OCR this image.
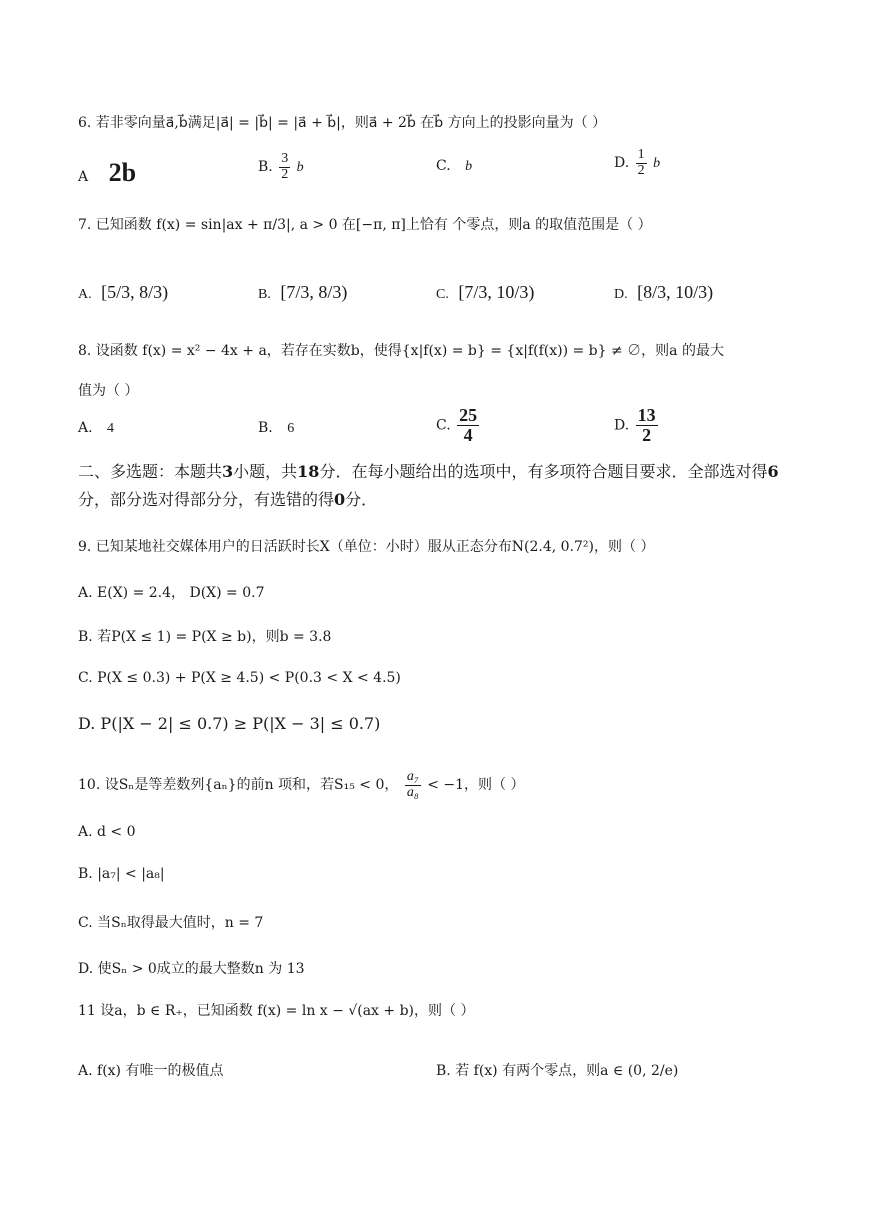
6. 若非零向量a⃗,b⃗满足|a⃗| = |b⃗| = |a⃗ + b⃗|，则a⃗ + 2b⃗ 在b⃗ 方向上的投影向量为（ ）
A 2b⃗	B. $\frac{3}{2}$ b⃗	C. b⃗	D. $\frac{1}{2}$ b⃗
7. 已知函数 f(x) = sin|ax + π/3|, a > 0 在[−π, π]上恰有 个零点，则a 的取值范围是（ ）
A. [5/3, 8/3)	B. [7/3, 8/3)	C. [7/3, 10/3)	D. [8/3, 10/3)
8. 设函数 f(x) = x² − 4x + a，若存在实数b，使得{x|f(x) = b} = {x|f(f(x)) = b} ≠ ∅，则a 的最大
值为（ ）
A. 4	B. 6	C. $\frac{25}{4}$	D. $\frac{13}{2}$
二、多选题：本题共3小题，共18分．在每小题给出的选项中，有多项符合题目要求．全部选对得6分，部分选对得部分分，有选错的得0分．
9. 已知某地社交媒体用户的日活跃时长X（单位：小时）服从正态分布N(2.4, 0.7²)，则（ ）
A. E(X) = 2.4， D(X) = 0.7
B. 若P(X ≤ 1) = P(X ≥ b)，则b = 3.8
C. P(X ≤ 0.3) + P(X ≥ 4.5) < P(0.3 < X < 4.5)
D. P(|X − 2| ≤ 0.7) ≥ P(|X − 3| ≤ 0.7)
10. 设Sₙ是等差数列{aₙ}的前n 项和，若S₁₅ < 0， $\frac{\text{a₇}}{\text{a₈}} < -1$，则（ ）
A. d < 0
B. |a₇| < |a₈|
C. 当Sₙ取得最大值时，n = 7
D. 使Sₙ > 0成立的最大整数n 为 13
11 设a，b ∈ R₊，已知函数 f(x) = ln x − √(ax + b)，则（ ）
A. f(x) 有唯一的极值点	B. 若 f(x) 有两个零点，则a ∈ (0, 2/e)
